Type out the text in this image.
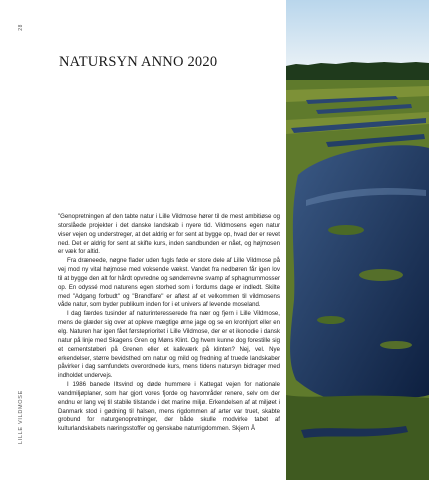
28
LILLE VILDMOSE
NATURSYN ANNO 2020

"Genopretningen af den tabte natur i Lille Vildmose hører til de mest ambitiøse og storslåede projekter i det danske landskab i nyere tid. Vildmosens egen natur viser vejen og understreger, at det aldrig er for sent at bygge op, hvad der er revet ned. Det er aldrig for sent at skifte kurs, inden sandbunden er nået, og højmosen er væk for altid.

Fra dræneede, nøgne flader uden fugls føde er store dele af Lille Vildmose på vej mod ny vital højmose med voksende vækst. Vandet fra nedbøren får igen lov til at bygge den alt for hårdt opvredne og sønderrevne svamp af sphagnummosser op. En odyssé mod naturens egen storhed som i fordums dage er indledt. Skilte med "Adgang forbudt" og "Brandfare" er afløst af et velkommen til vildmosens våde natur, som byder publikum inden for i et univers af levende moseland.

I dag færdes tusinder af naturinteresserede fra nær og fjern i Lille Vildmose, mens de glæder sig over at opleve mægtige ørne jage og se en kronhjort eller en elg. Naturen har igen fået førsteprioritet i Lille Vildmose, der er et ikonodie i dansk natur på linje med Skagens Gren og Møns Klint. Og hvem kunne dog forestille sig et cementstøberi på Grenen eller et kalkværk på klinten? Nej, vel. Nye erkendelser, større bevidsthed om natur og mild og fredning af truede landskaber påvirker i dag samfundets overordnede kurs, mens tidens natursyn bidrager med indholdet undervejs.

I 1986 banede Iltsvind og døde hummere i Kattegat vejen for nationale vandmiljøplaner, som har gjort vores fjorde og havområder renere, selv om der endnu er lang vej til stabile tilstande i det marine miljø. Erkendelsen af at miljøet i Danmark stod i gødning til halsen, mens rigdommen af arter var truet, skabte grobund for naturgenopretninger, der både skulle modvirke tabet af kulturlandskabets næringsstoffer og genskabe naturrigdommen. Skjern Å
